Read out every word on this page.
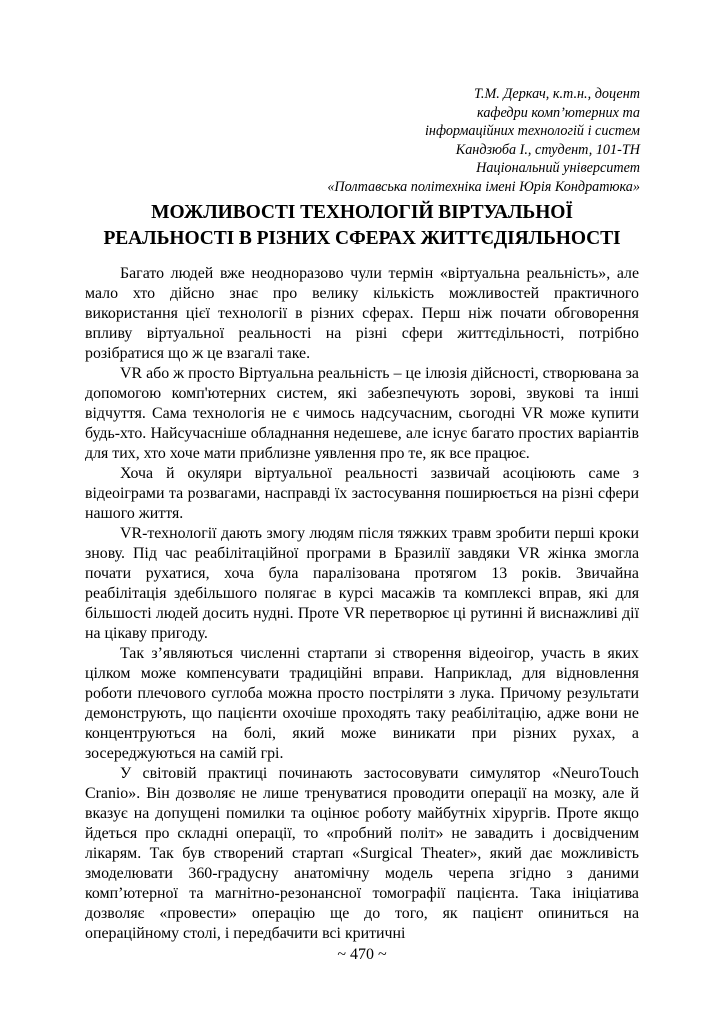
Т.М. Деркач, к.т.н., доцент
кафедри комп’ютерних та
інформаційних технологій і систем
Кандзюба І., студент, 101-ТН
Національний університет
«Полтавська політехніка імені Юрія Кондратюка»
МОЖЛИВОСТІ ТЕХНОЛОГІЙ ВІРТУАЛЬНОЇ
РЕАЛЬНОСТІ В РІЗНИХ СФЕРАХ ЖИТТЄДІЯЛЬНОСТІ

Багато людей вже неодноразово чули термін «віртуальна реальність», але мало хто дійсно знає про велику кількість можливостей практичного використання цієї технології в різних сферах. Перш ніж почати обговорення впливу віртуальної реальності на різні сфери життєдільності, потрібно розібратися що ж це взагалі таке.

VR або ж просто Віртуальна реальність – це ілюзія дійсності, створювана за допомогою комп'ютерних систем, які забезпечують зорові, звукові та інші відчуття. Сама технологія не є чимось надсучасним, сьогодні VR може купити будь-хто. Найсучасніше обладнання недешеве, але існує багато простих варіантів для тих, хто хоче мати приблизне уявлення про те, як все працює.

Хоча й окуляри віртуальної реальності зазвичай асоціюють саме з відеоіграми та розвагами, насправді їх застосування поширюється на різні сфери нашого життя.

VR-технології дають змогу людям після тяжких травм зробити перші кроки знову. Під час реабілітаційної програми в Бразилії завдяки VR жінка змогла почати рухатися, хоча була паралізована протягом 13 років. Звичайна реабілітація здебільшого полягає в курсі масажів та комплексі вправ, які для більшості людей досить нудні. Проте VR перетворює ці рутинні й виснажливі дії на цікаву пригоду.

Так з’являються численні стартапи зі створення відеоігор, участь в яких цілком може компенсувати традиційні вправи. Наприклад, для відновлення роботи плечового суглоба можна просто постріляти з лука. Причому результати демонструють, що пацієнти охочіше проходять таку реабілітацію, адже вони не концентруються на болі, який може виникати при різних рухах, а зосереджуються на самій грі.

У світовій практиці починають застосовувати симулятор «NeuroTouch Cranio». Він дозволяє не лише тренуватися проводити операції на мозку, але й вказує на допущені помилки та оцінює роботу майбутніх хірургів. Проте якщо йдеться про складні операції, то «пробний політ» не завадить і досвідченим лікарям. Так був створений стартап «Surgical Theater», який дає можливість змоделювати 360-градусну анатомічну модель черепа згідно з даними комп’ютерної та магнітно-резонансної томографії пацієнта. Така ініціатива дозволяє «провести» операцію ще до того, як пацієнт опиниться на операційному столі, і передбачити всі критичні

~ 470 ~
